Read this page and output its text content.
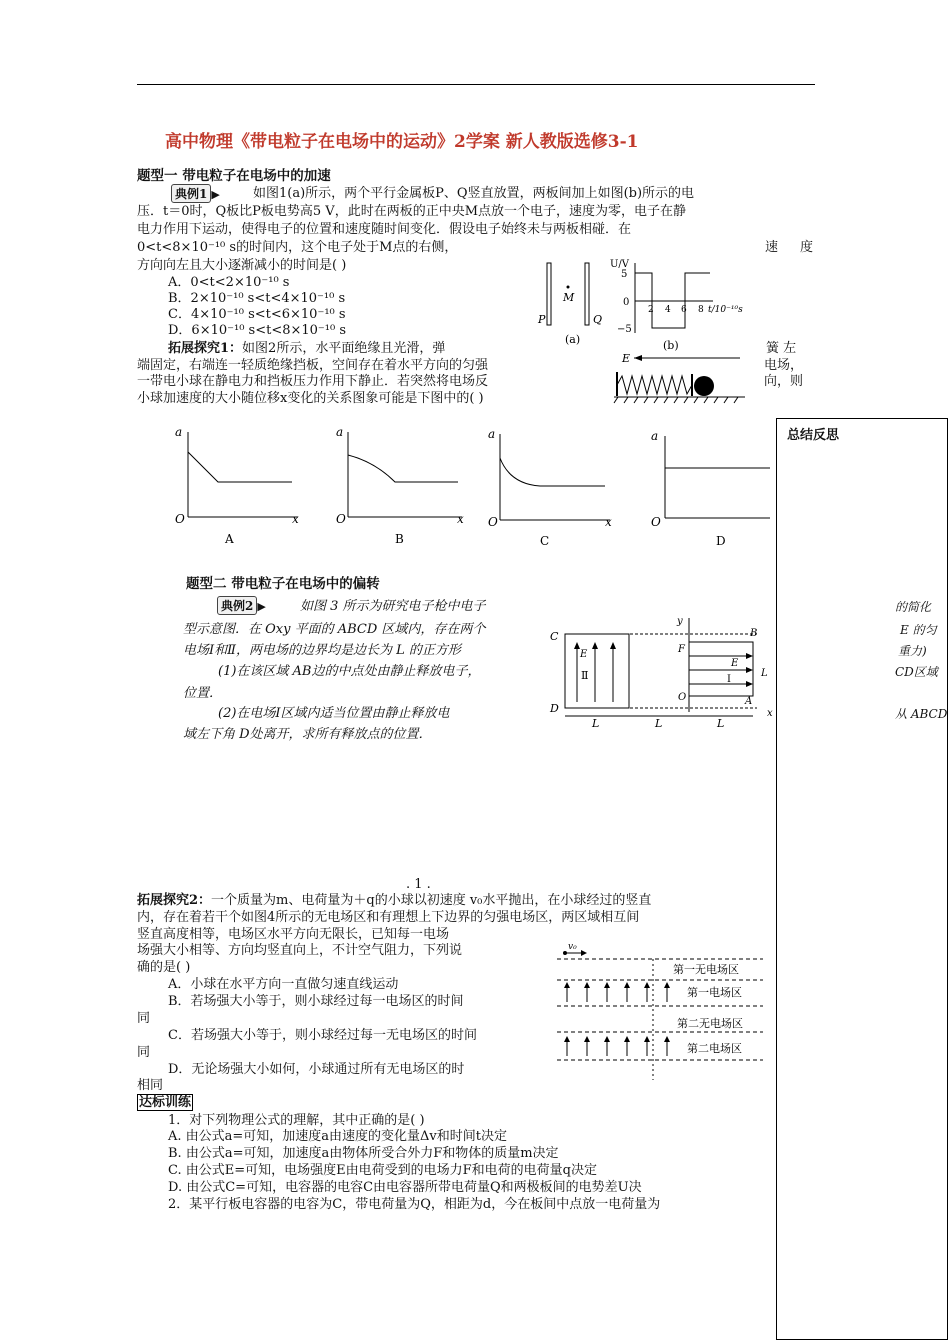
高中物理《带电粒子在电场中的运动》2学案 新人教版选修3-1
题型一 带电粒子在电场中的加速
典例1 ▶	如图1(a)所示，两个平行金属板P、Q竖直放置，两板间加上如图(b)所示的电
压．t＝0时，Q板比P板电势高5 V，此时在两板的正中央M点放一个电子，速度为零，电子在静
电力作用下运动，使得电子的位置和速度随时间变化．假设电子始终未与两板相碰．在
0<t<8×10⁻¹⁰ s的时间内，这个电子处于M点的右侧，	速 度
方向向左且大小逐渐减小的时间是( )
A．0<t<2×10⁻¹⁰ s
B．2×10⁻¹⁰ s<t<4×10⁻¹⁰ s
C．4×10⁻¹⁰ s<t<6×10⁻¹⁰ s
D．6×10⁻¹⁰ s<t<8×10⁻¹⁰ s
P
M
Q
(a)
U/V
5
0
−5
2 4 6 8 t/10⁻¹⁰s
(b)
拓展探究1：如图2所示，水平面绝缘且光滑，弹
端固定，右端连一轻质绝缘挡板，空间存在着水平方向的匀强
一带电小球在静电力和挡板压力作用下静止．若突然将电场反
小球加速度的大小随位移x变化的关系图象可能是下图中的( )
簧 左
电场，
向，则
E
a
O	x
A
a
O	x
B
a
O	x
C
a
O
D
总结反思
题型二 带电粒子在电场中的偏转
典例2 ▶	如图 3 所示为研究电子枪中电子
型示意图．在 Oxy 平面的 ABCD 区域内，存在两个
电场Ⅰ和Ⅱ，两电场的边界均是边长为 L 的正方形
(1)在该区域 AB边的中点处由静止释放电子，
位置．
(2)在电场Ⅰ区域内适当位置由静止释放电
域左下角 D处离开，求所有释放点的位置．
的简化
E 的匀
重力)
CD区域
从 ABCD
C
D
E
Ⅱ
y
F
B
E
Ⅰ
L
O	A
x
L	L	L
. 1 .
拓展探究2：一个质量为m、电荷量为＋q的小球以初速度 v₀水平抛出，在小球经过的竖直
内，存在着若干个如图4所示的无电场区和有理想上下边界的匀强电场区，两区域相互间
竖直高度相等，电场区水平方向无限长，已知每一电场
场强大小相等、方向均竖直向上，不计空气阻力，下列说
确的是( )
A．小球在水平方向一直做匀速直线运动
B．若场强大小等于，则小球经过每一电场区的时间
同
C．若场强大小等于，则小球经过每一无电场区的时间
同
D．无论场强大小如何，小球通过所有无电场区的时
相同
v₀
第一无电场区
第一电场区
第二无电场区
第二电场区
达标训练
1．对下列物理公式的理解，其中正确的是( )
A. 由公式a=可知，加速度a由速度的变化量Δv和时间t决定
B. 由公式a=可知，加速度a由物体所受合外力F和物体的质量m决定
C. 由公式E=可知，电场强度E由电荷受到的电场力F和电荷的电荷量q决定
D. 由公式C=可知，电容器的电容C由电容器所带电荷量Q和两极板间的电势差U决
2．某平行板电容器的电容为C，带电荷量为Q，相距为d，今在板间中点放一电荷量为
